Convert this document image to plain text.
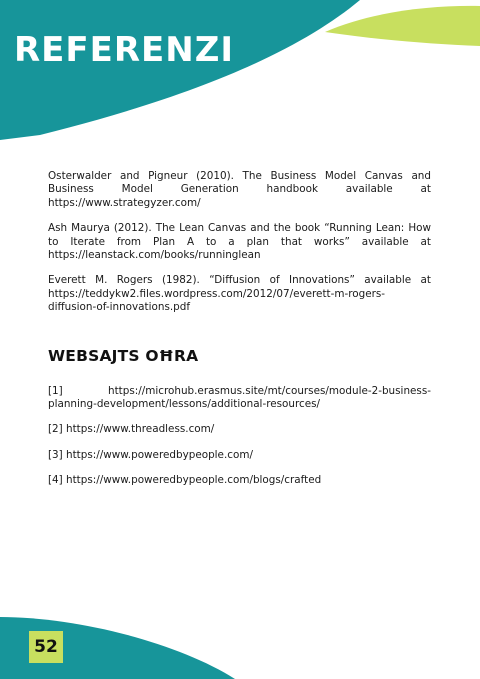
REFERENZI

Osterwalder and Pigneur (2010). The Business Model Canvas and Business Model Generation handbook available at https://www.strategyzer.com/

Ash Maurya (2012). The Lean Canvas and the book “Running Lean: How to Iterate from Plan A to a plan that works” available at https://leanstack.com/books/runninglean

Everett M. Rogers (1982). “Diffusion of Innovations” available at https://teddykw2.files.wordpress.com/2012/07/everett-m-rogers-diffusion-of-innovations.pdf

WEBSAJTS OĦRA

[1] https://microhub.erasmus.site/mt/courses/module-2-business-planning-development/lessons/additional-resources/

[2] https://www.threadless.com/

[3] https://www.poweredbypeople.com/

[4] https://www.poweredbypeople.com/blogs/crafted

52
